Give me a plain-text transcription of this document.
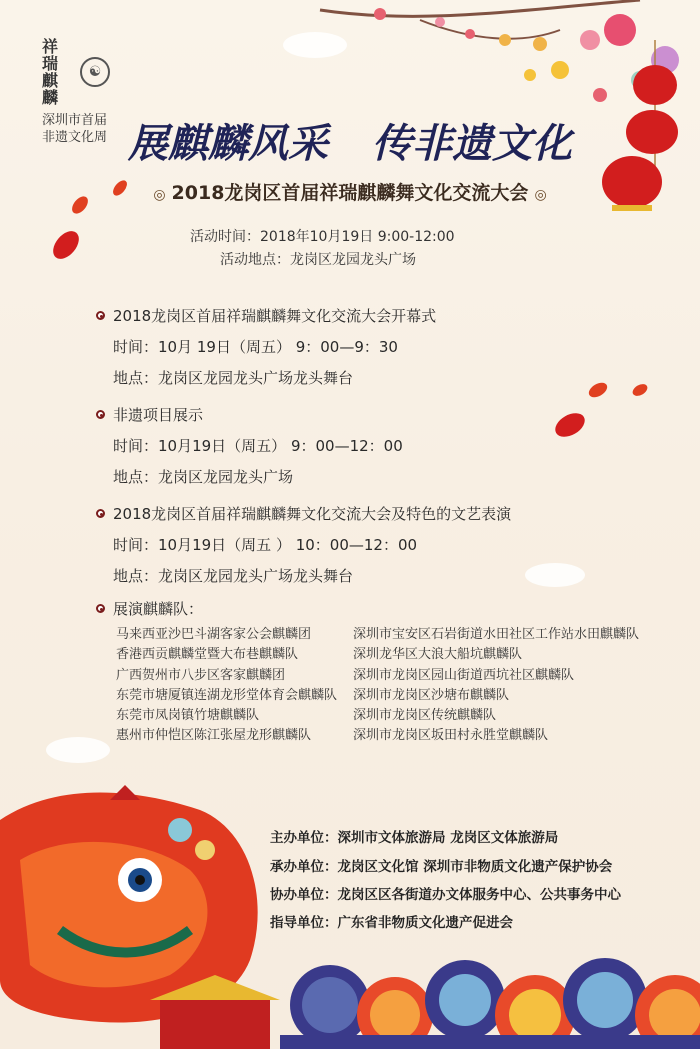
祥瑞麒麟
☯
深圳市首届
非遗文化周 展麒麟风采 传非遗文化
◎ 2018龙岗区首届祥瑞麒麟舞文化交流大会 ◎
活动时间：2018年10月19日 9:00-12:00
活动地点：龙岗区龙园龙头广场
2018龙岗区首届祥瑞麒麟舞文化交流大会开幕式
时间：10月 19日（周五） 9：00—9：30
地点：龙岗区龙园龙头广场龙头舞台
非遗项目展示
时间：10月19日（周五） 9：00—12：00
地点：龙岗区龙园龙头广场
2018龙岗区首届祥瑞麒麟舞文化交流大会及特色的文艺表演
时间：10月19日（周五 ） 10：00—12：00
地点：龙岗区龙园龙头广场龙头舞台
展演麒麟队：
马来西亚沙巴斗湖客家公会麒麟团
香港西贡麒麟堂暨大布巷麒麟队
广西贺州市八步区客家麒麟团
东莞市塘厦镇连湖龙形堂体育会麒麟队
东莞市凤岗镇竹塘麒麟队
惠州市仲恺区陈江张屋龙形麒麟队
深圳市宝安区石岩街道水田社区工作站水田麒麟队
深圳龙华区大浪大船坑麒麟队
深圳市龙岗区园山街道西坑社区麒麟队
深圳市龙岗区沙塘布麒麟队
深圳市龙岗区传统麒麟队
深圳市龙岗区坂田村永胜堂麒麟队
主办单位：深圳市文体旅游局 龙岗区文体旅游局
承办单位：龙岗区文化馆 深圳市非物质文化遗产保护协会
协办单位：龙岗区区各街道办文体服务中心、公共事务中心
指导单位：广东省非物质文化遗产促进会
